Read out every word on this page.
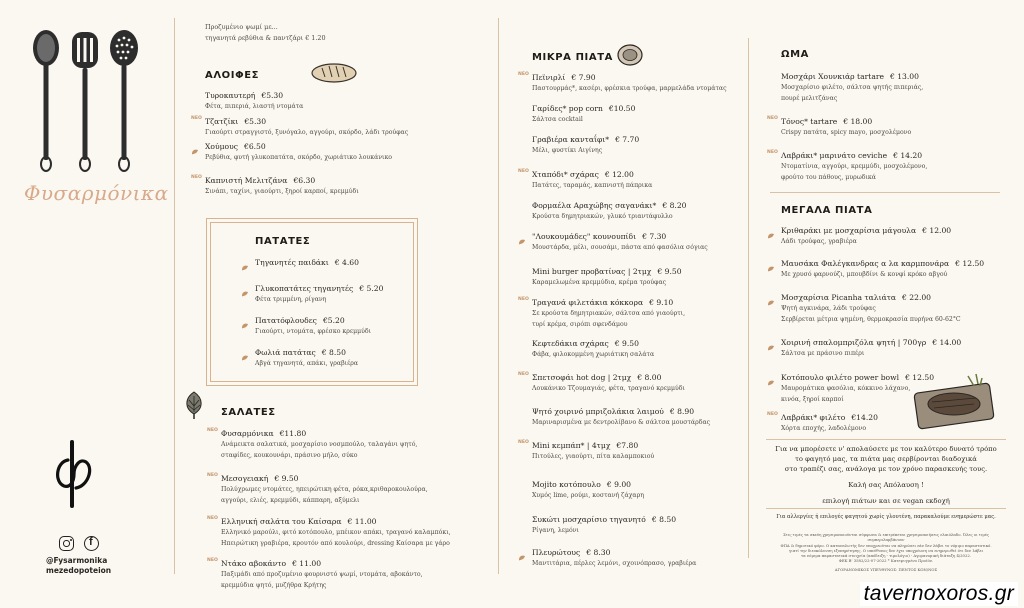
Φυσαρμόνικα
f
@Fysarmonika
mezedopoteion
Προζυμένιο ψωμί με...
τηγανητά ρεβύθια & παντζάρι € 1.20
ΑΛΟΙΦΕΣ
Τυροκαυτερή €5.30
Φέτα, πιπεριά, λιαστή ντομάτα
ΝΕΟ Τζατζίκι €5.30
Γιαούρτι στραγγιστό, ξυνόγαλο, αγγούρι, σκόρδο, λάδι τρούφας
Χούμους €6.50
Ρεβύθια, φυτή γλυκοπατάτα, σκόρδο, χωριάτικο λουκάνικο
ΝΕΟ Καπνιστή Μελιτζάνα €6.30
Σινάπι, ταχίνι, γιαούρτι, ξηροί καρποί, κρεμμύδι
ΠΑΤΑΤΕΣ
Τηγανητές παιδάκι € 4.60
Γλυκοπατάτες τηγανητές € 5.20
Φέτα τριμμένη, ρίγανη
Πατατόφλουδες €5.20
Γιαούρτι, ντομάτα, φρέσκο κρεμμύδι
Φωλιά πατάτας € 8.50
Αβγά τηγανητά, απάκι, γραβιέρα
ΣΑΛΑΤΕΣ
ΝΕΟ Φυσαρμόνικα €11.80
Ανάμεικτα σαλατικά, μοσχαρίσιο νοσμπούλο, ταλαγάνι ψητό,
σταφίδες, κουκουνάρι, πράσινο μήλο, σύκο
ΝΕΟ Μεσογειακή € 9.50
Πολύχρωμες ντομάτες, ηπειρώτικη φέτα, ρόκα,κριθαροκουλούρα,
αγγούρι, ελιές, κρεμμύδι, κάππαρη, αξύμελι
ΝΕΟ Ελληνική σαλάτα του Καίσαρα € 11.00
Ελληνικό μαρούλι, φιτό κοτόπουλο, μπέικον απάκι, τραγανό καλαμπόκι,
Ηπειρώτικη γραβιέρα, κρουτόν από κουλούρι, dressing Καίσαρα με γάρο
ΝΕΟ Ντάκο αβοκάντο € 11.00
Παξιμάδι από προζυμένιο φουρνιστό ψωμί, ντομάτα, αβοκάντο,
κρεμμύδια ψητό, μυζήθρα Κρήτης
ΜΙΚΡΑ ΠΙΑΤΑ
ΝΕΟ Πεϊνιρλί € 7.90
Παστουρμάς*, κασέρι, φρέσκια τρούφα, μαρμελάδα ντομάτας
Γαρίδες* pop corn €10.50
Σάλτσα cocktail
Γραβιέρα κανταΐφι* € 7.70
Μέλι, φυστίκι Αιγίνης
ΝΕΟ Χταπόδι* σχάρας € 12.00
Πατάτες, ταραμάς, καπνιστή πάπρικα
Φορμαέλα Αραχώβης σαγανάκι* € 8.20
Κρούστα δημητριακών, γλυκό τριαντάφυλλο
"Λουκουμάδες" κουνουπίδι € 7.30
Μουστάρδα, μέλι, σουσάμι, πάστα από φασόλια σόγιας
Mini burger προβατίνας | 2τμχ € 9.50
Καραμελωμένα κρεμμύδια, κρέμα τρούφας
ΝΕΟ Τραγανά φιλετάκια κόκκορα € 9.10
Σε κρούστα δημητριακών, σάλτσα από γιαούρτι,
τυρί κρέμα, σιρόπι σφενδάμου
Κεφτεδάκια σχάρας € 9.50
Φάβα, φιλοκομμένη χωριάτικη σαλάτα
ΝΕΟ Σπετσοφάι hot dog | 2τμχ € 8.00
Λουκάνικο Τζουμαγιάς, φέτα, τραγανό κρεμμύδι
Ψητό χοιρινό μπριζολάκια λαιμού € 8.90
Μαριναρισμένα με δεντρολίβανο & σάλτσα μουστάρδας
ΝΕΟ Mini κεμπάπ* | 4τμχ €7.80
Πιτούλες, γιαούρτι, πίτα καλαμποκιού
Mojito κοτόπουλο € 9.00
Χυμός lime, ρούμι, κοστανή ζάχαρη
Συκώτι μοσχαρίσιο τηγανητό € 8.50
Ρίγανη, λεμόνι
Πλευρώτους € 8.30
Μαντιτάρια, πέρλες λεμόνι, σχοινόπρασο, γραβιέρα
ΩΜΑ
Μοσχάρι Χουνκιάρ tartare € 13.00
Μοσχαρίσιο φιλέτο, σάλτσα ψητής πιπεριάς,
πουρέ μελιτζάνας
ΝΕΟ Τόνος* tartare € 18.00
Crispy πατάτα, spicy mayo, μοσχολέμονο
ΝΕΟ Λαβράκι* μαρινάτο ceviche € 14.20
Ντοματίνια, αγγούρι, κρεμμύδι, μοσχολέμονο,
φρούτο του πάθους, μυρωδικά
ΜΕΓΑΛΑ ΠΙΑΤΑ
Κριθαράκι με μοσχαρίσια μάγουλα € 12.00
Λάδι τρούφας, γραβιέρα
Μαυσάκα Φαλέγκανδρας α λα καρμπονάρα € 12.50
Με χρυσό φαρνούζι, μπουβδίνι & κονφί κρόκο αβγού
Μοσχαρίσια Picanha ταλιάτα € 22.00
Ψητή αγκινάρα, λάδι τρούφας
Σερβίρεται μέτρια ψημένη, θερμοκρασία πυρήνα 60-62°C
Χοιρινή σπαλομπριζόλα ψητή | 700γρ € 14.00
Σάλτσα με πράσινο πιπέρι
Κοτόπουλο φιλέτο power bowl € 12.50
Μαυρομάτικα φασόλια, κόκκινο λάχανο,
κινόα, ξηροί καρποί
ΝΕΟ Λαβράκι* φιλέτο €14.20
Χόρτα εποχής, λαδολέμονο
Για να μπορέσετε ν' απολαύσετε με τον καλύτερο δυνατό τρόπο
το φαγητό μας, τα πιάτα μας σερβίρονται διαδοχικά
στο τραπέζι σας, ανάλογα με τον χρόνο παρασκευής τους.
Καλή σας Απόλαυση !
επιλογή πιάτων και σε vegan εκδοχή
Για αλλεργίες ή επιλογές φαγητού χωρίς γλουτένη, παρακαλούμε ενημερώστε μας.
Στις τιμές τα σκεύη χρησιμοποιούνται σύμφωνα & επιτρέπεται χρησιμοποιήσεις ελαιόλαδο. Όλες οι τιμές συμπεριλαμβάνουν
ΦΠΑ & δημοτικό φόρο. Ο καταναλωτής δεν υποχρεούται να πληρώσει εάν δεν λάβει το νόμιμο παραστατικό.
γιατί την διευκόλυνση εξυπηρέτησης. Ο υπεύθυνος δεν έχει υποχρέωση να ενημερωθεί ότι δεν λάβει
τα νόμιμα παραστατικά στοιχεία (απόδειξη - τιμολόγιο) - Αγορανομική διάταξη 4/2022.
ΦΕΚ Β' 3582/22-07-2022 * Κατεψυγμένο Προϊόν.
ΑΓΟΡΑΝΟΜΙΚΟΣ ΥΠΕΥΘΥΝΟΣ: ΠΕΝΤΟΣ ΚΩΝ/ΝΟΣ
tavernoxoros.gr
